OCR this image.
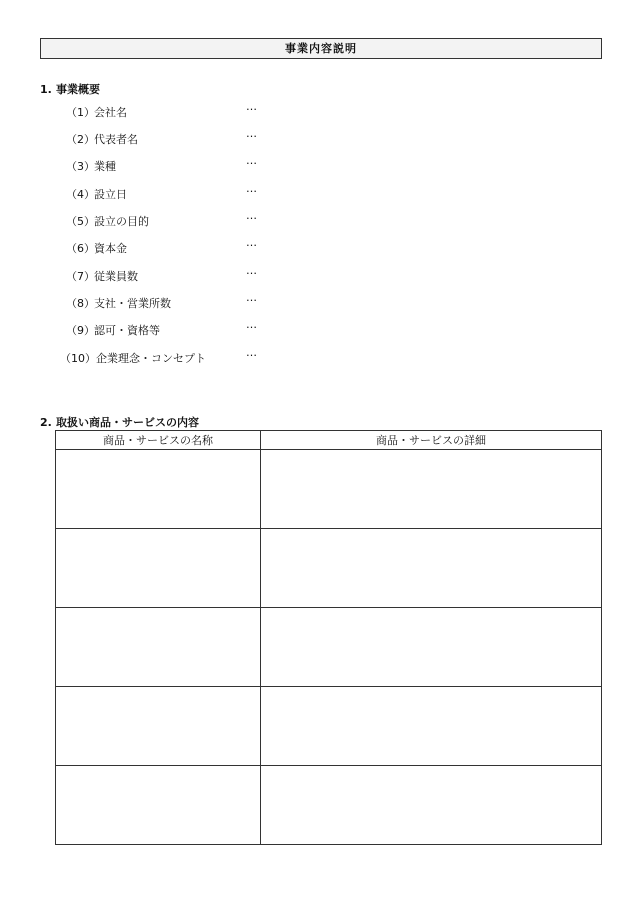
事業内容説明
1. 事業概要
（1） 会社名	…
（2） 代表者名	…
（3） 業種	…
（4） 設立日	…
（5） 設立の目的	…
（6） 資本金	…
（7） 従業員数	…
（8） 支社・営業所数	…
（9） 認可・資格等	…
（10） 企業理念・コンセプト	…
2. 取扱い商品・サービスの内容
商品・サービスの名称	商品・サービスの詳細
